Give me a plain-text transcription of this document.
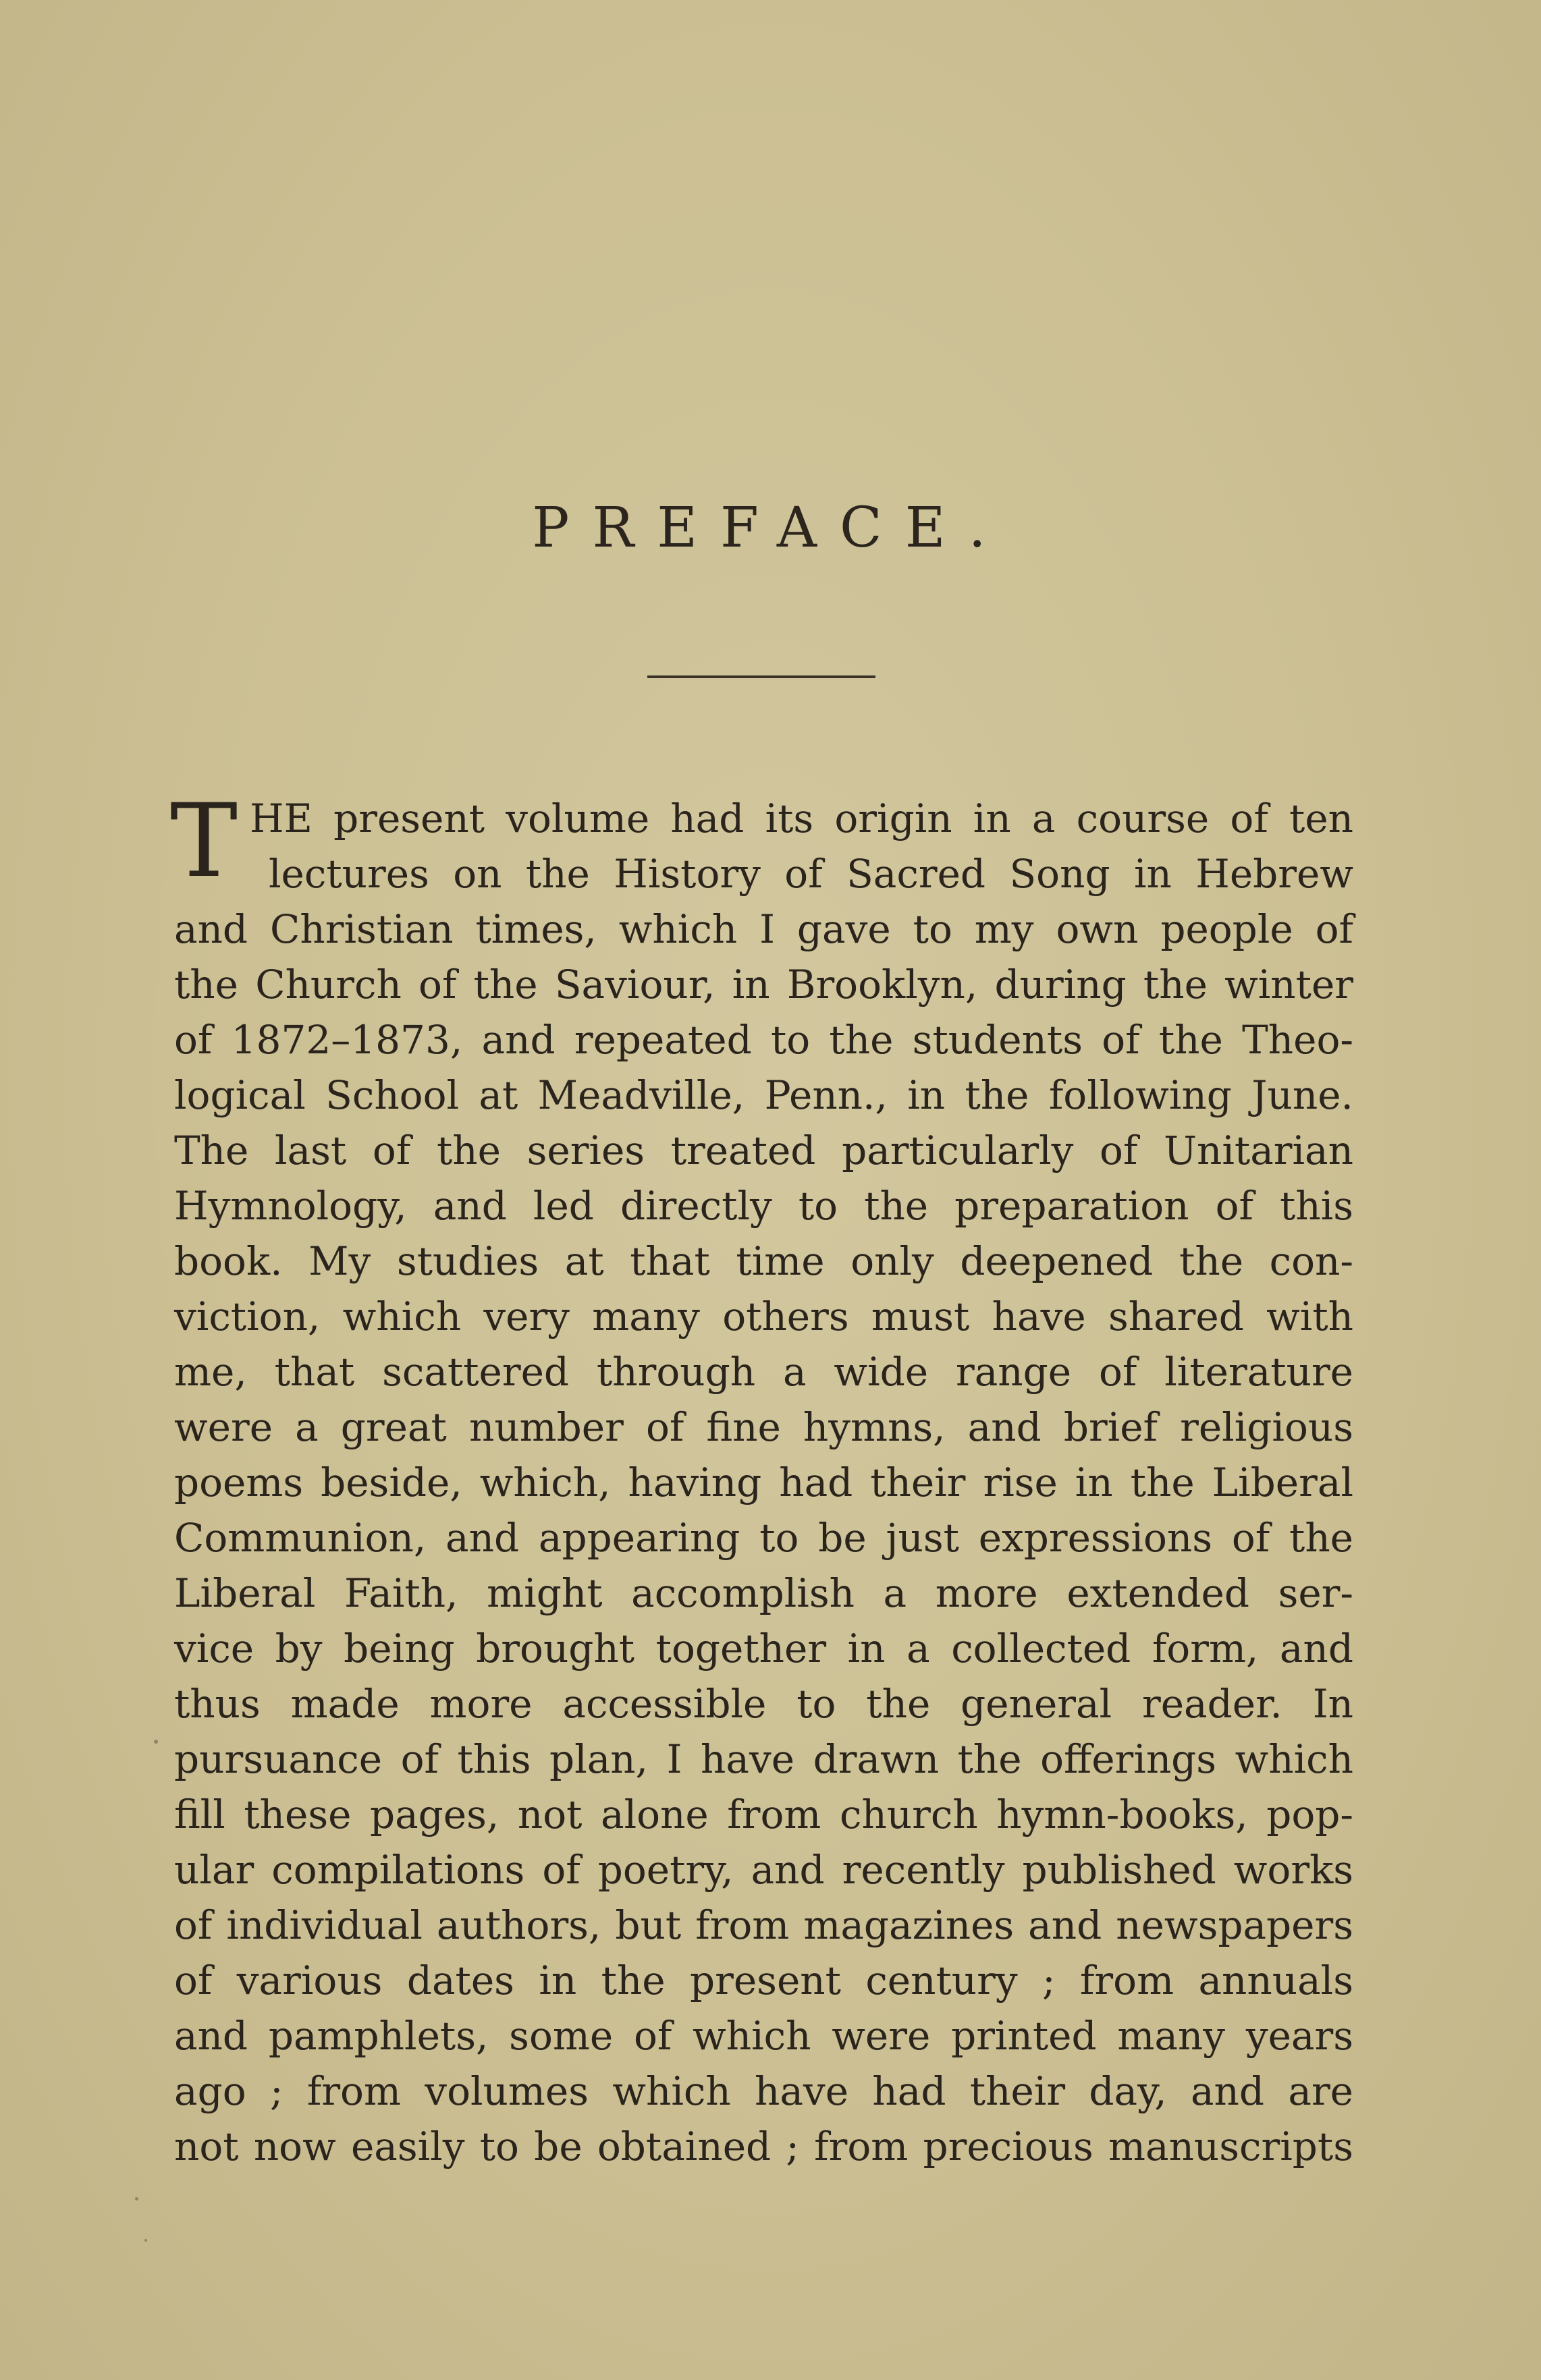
PREFACE.
T HE present volume had its origin in a course of ten
lectures on the History of Sacred Song in Hebrew
and Christian times, which I gave to my own people of
the Church of the Saviour, in Brooklyn, during the winter
of 1872–1873, and repeated to the students of the Theo-
logical School at Meadville, Penn., in the following June.
The last of the series treated particularly of Unitarian
Hymnology, and led directly to the preparation of this
book. My studies at that time only deepened the con-
viction, which very many others must have shared with
me, that scattered through a wide range of literature
were a great number of fine hymns, and brief religious
poems beside, which, having had their rise in the Liberal
Communion, and appearing to be just expressions of the
Liberal Faith, might accomplish a more extended ser-
vice by being brought together in a collected form, and
thus made more accessible to the general reader. In
pursuance of this plan, I have drawn the offerings which
fill these pages, not alone from church hymn-books, pop-
ular compilations of poetry, and recently published works
of individual authors, but from magazines and newspapers
of various dates in the present century ; from annuals
and pamphlets, some of which were printed many years
ago ; from volumes which have had their day, and are
not now easily to be obtained ; from precious manuscripts
